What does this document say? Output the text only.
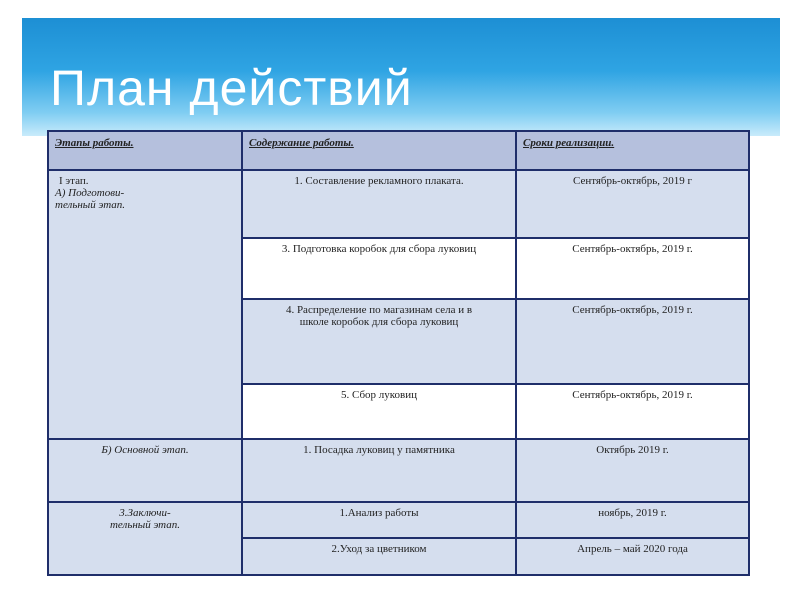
План действий
Этапы работы.	Содержание работы.	Сроки реализации.

I этап.
А) Подготови-
тельный этап.	1. Составление рекламного плаката.	Сентябрь-октябрь, 2019 г
	3. Подготовка коробок для сбора луковиц	Сентябрь-октябрь, 2019 г.

	4. Распределение по магазинам села и в
школе коробок для сбора луковиц	Сентябрь-октябрь, 2019 г.
	5. Сбор луковиц	Сентябрь-октябрь, 2019 г.
Б) Основной этап.	1. Посадка луковиц у памятника	Октябрь 2019 г.

3.Заключи-
тельный этап.	1.Анализ работы	ноябрь, 2019 г.
	2.Уход за цветником	Апрель – май 2020 года
